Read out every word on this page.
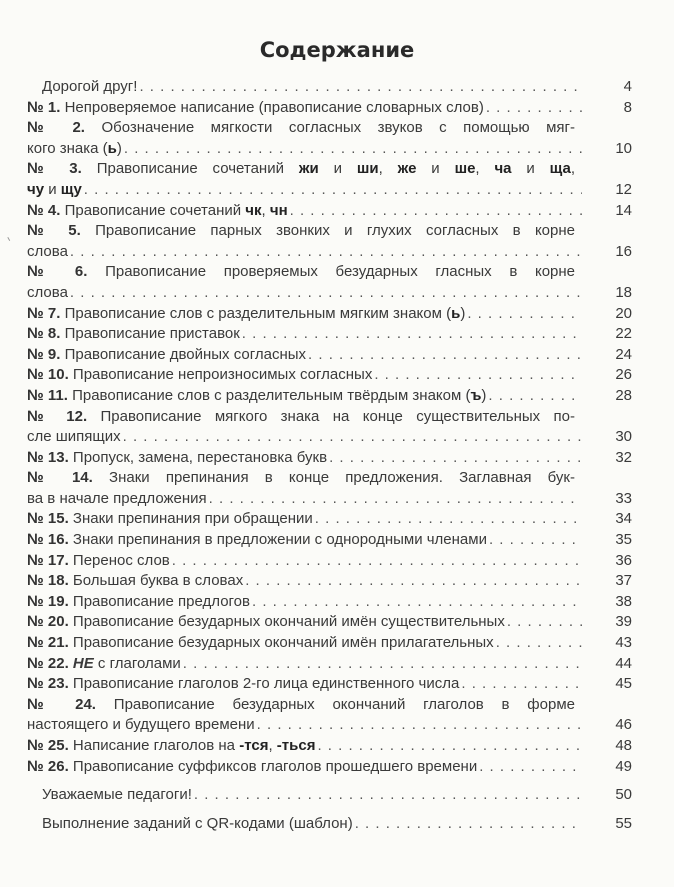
Содержание
Дорогой друг! . . .	4
№ 1. Непроверяемое написание (правописание словарных слов) . . .	8
№ 2. Обозначение мягкости согласных звуков с помощью мяг-
кого знака (ь) . . .	10
№ 3. Правописание сочетаний жи и ши, же и ше, ча и ща,
чу и щу . . .	12
№ 4. Правописание сочетаний чк, чн . . .	14
№ 5. Правописание парных звонких и глухих согласных в корне
слова . . .	16
№ 6. Правописание проверяемых безударных гласных в корне
слова . . .	18
№ 7. Правописание слов с разделительным мягким знаком (ь) . . .	20
№ 8. Правописание приставок . . .	22
№ 9. Правописание двойных согласных . . .	24
№ 10. Правописание непроизносимых согласных . . .	26
№ 11. Правописание слов с разделительным твёрдым знаком (ъ) . . .	28
№ 12. Правописание мягкого знака на конце существительных по-
сле шипящих . . .	30
№ 13. Пропуск, замена, перестановка букв . . .	32
№ 14. Знаки препинания в конце предложения. Заглавная бук-
ва в начале предложения . . .	33
№ 15. Знаки препинания при обращении . . .	34
№ 16. Знаки препинания в предложении с однородными членами . . .	35
№ 17. Перенос слов . . .	36
№ 18. Большая буква в словах . . .	37
№ 19. Правописание предлогов . . .	38
№ 20. Правописание безударных окончаний имён существительных . . .	39
№ 21. Правописание безударных окончаний имён прилагательных . . .	43
№ 22. НЕ с глаголами . . .	44
№ 23. Правописание глаголов 2-го лица единственного числа . . .	45
№ 24. Правописание безударных окончаний глаголов в форме
настоящего и будущего времени . . .	46
№ 25. Написание глаголов на -тся, -ться . . .	48
№ 26. Правописание суффиксов глаголов прошедшего времени . . .	49
Уважаемые педагоги! . . .	50
Выполнение заданий с QR-кодами (шаблон) . . .	55
